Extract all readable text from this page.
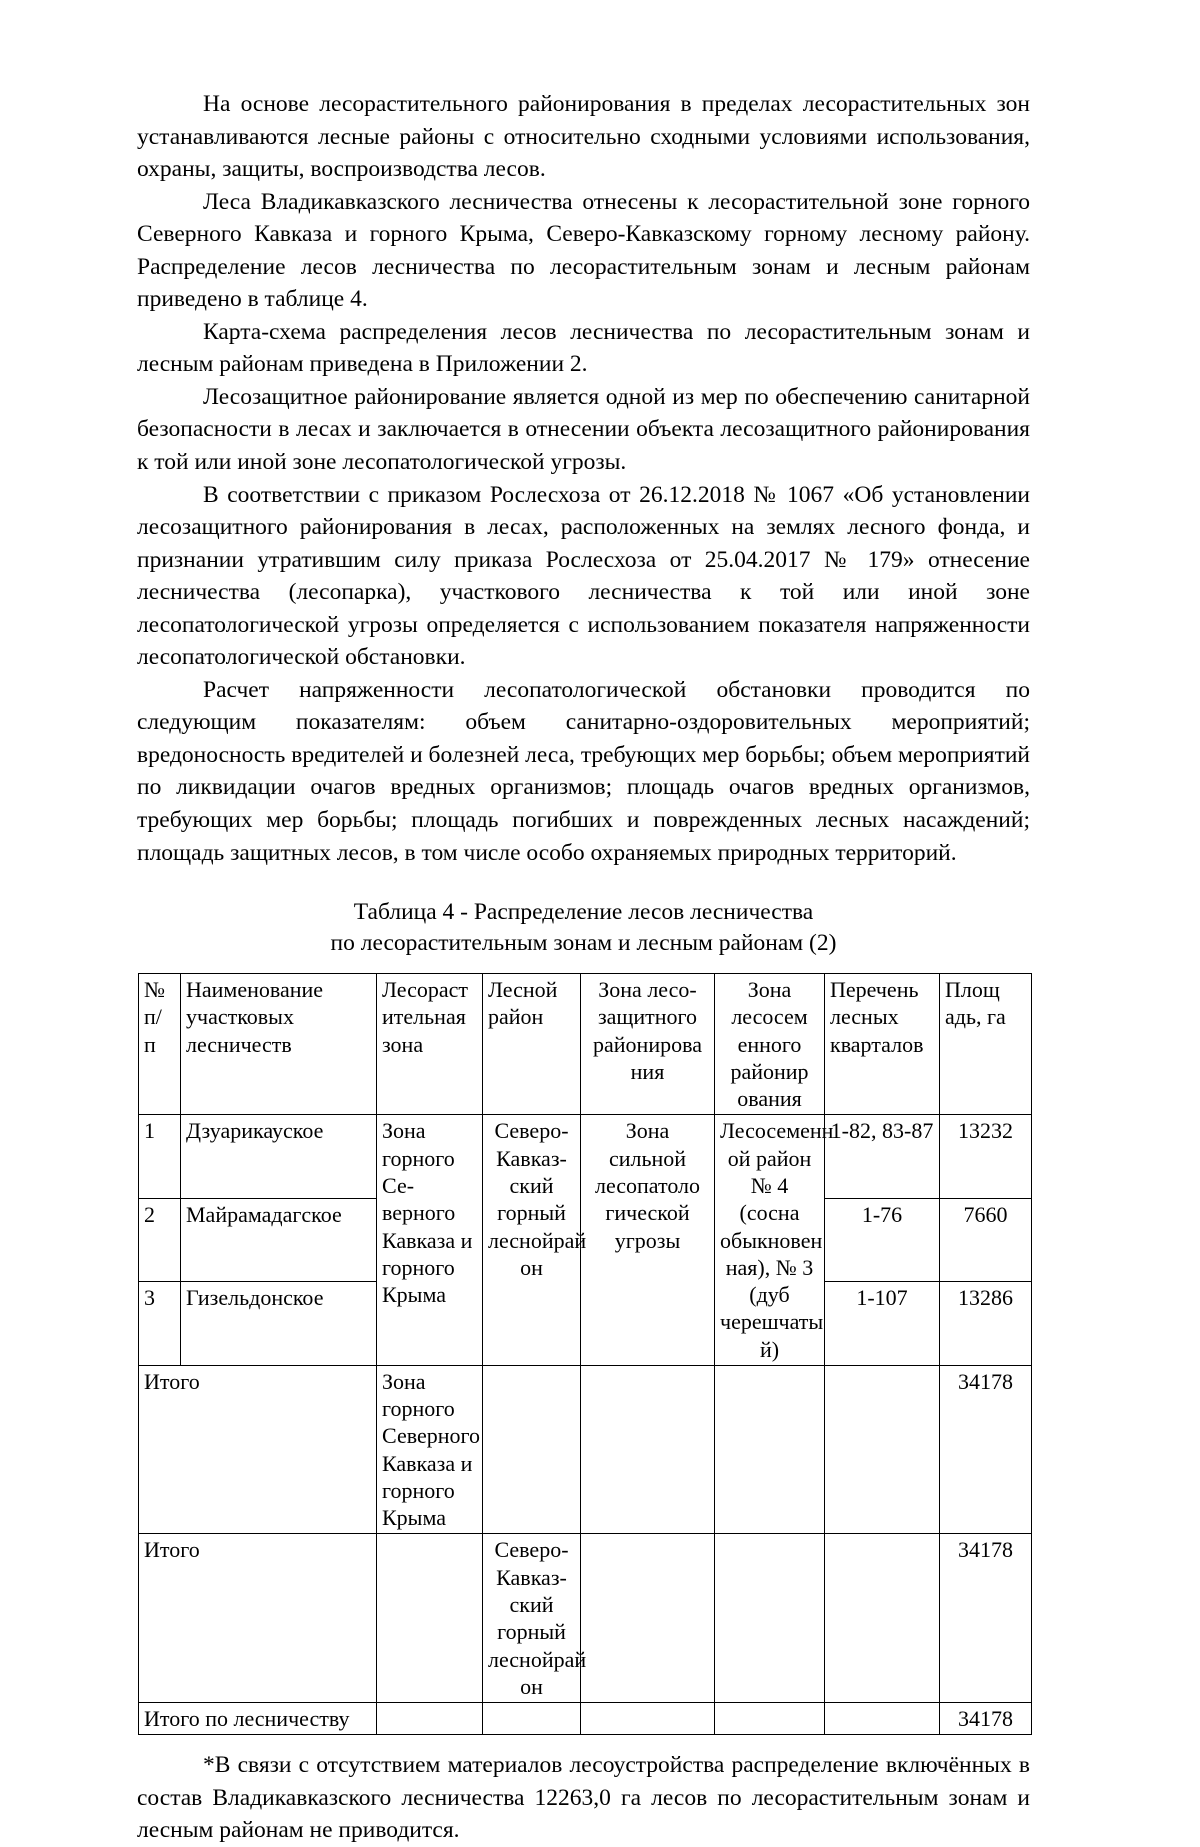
На основе лесорастительного районирования в пределах лесорастительных зон устанавливаются лесные районы с относительно сходными условиями использования, охраны, защиты, воспроизводства лесов.

Леса Владикавказского лесничества отнесены к лесорастительной зоне горного Северного Кавказа и горного Крыма, Северо-Кавказскому горному лесному району. Распределение лесов лесничества по лесорастительным зонам и лесным районам приведено в таблице 4.

Карта-схема распределения лесов лесничества по лесорастительным зонам и лесным районам приведена в Приложении 2.

Лесозащитное районирование является одной из мер по обеспечению санитарной безопасности в лесах и заключается в отнесении объекта лесозащитного районирования к той или иной зоне лесопатологической угрозы.

В соответствии с приказом Рослесхоза от 26.12.2018 № 1067 «Об установлении лесозащитного районирования в лесах, расположенных на землях лесного фонда, и признании утратившим силу приказа Рослесхоза от 25.04.2017 № 179» отнесение лесничества (лесопарка), участкового лесничества к той или иной зоне лесопатологической угрозы определяется с использованием показателя напряженности лесопатологической обстановки.

Расчет напряженности лесопатологической обстановки проводится по следующим показателям: объем санитарно-оздоровительных мероприятий; вредоносность вредителей и болезней леса, требующих мер борьбы; объем мероприятий по ликвидации очагов вредных организмов; площадь очагов вредных организмов, требующих мер борьбы; площадь погибших и поврежденных лесных насаждений; площадь защитных лесов, в том числе особо охраняемых природных территорий.

Таблица 4 - Распределение лесов лесничества

по лесорастительным зонам и лесным районам (2)

№
п/
п	Наименование участковых лесничеств	Лесораст ительная зона	Лесной район	Зона лесо- защитного районирова ния	Зона лесосем енного районир ования	Перечень лесных кварталов	Площ адь, га
1	Дзуарикауское	Зона горного Се- верного Кавказа и горного Крыма	Северо- Кавказ- ский горный леснойрай он	Зона сильной лесопатоло гической угрозы	Лесосеменн ой район № 4 (сосна обыкновен ная), № 3 (дуб черешчаты й)	1-82, 83-87	13232
2	Майрамадагское					1-76	7660
3	Гизельдонское					1-107	13286
Итого		Зона горного Северного Кавказа и горного Крыма					34178
Итого			Северо- Кавказ-ский горный леснойрай он				34178
Итого по лесничеству							34178

*В связи с отсутствием материалов лесоустройства распределение включённых в состав Владикавказского лесничества 12263,0 га лесов по лесорастительным зонам и лесным районам не приводится.
